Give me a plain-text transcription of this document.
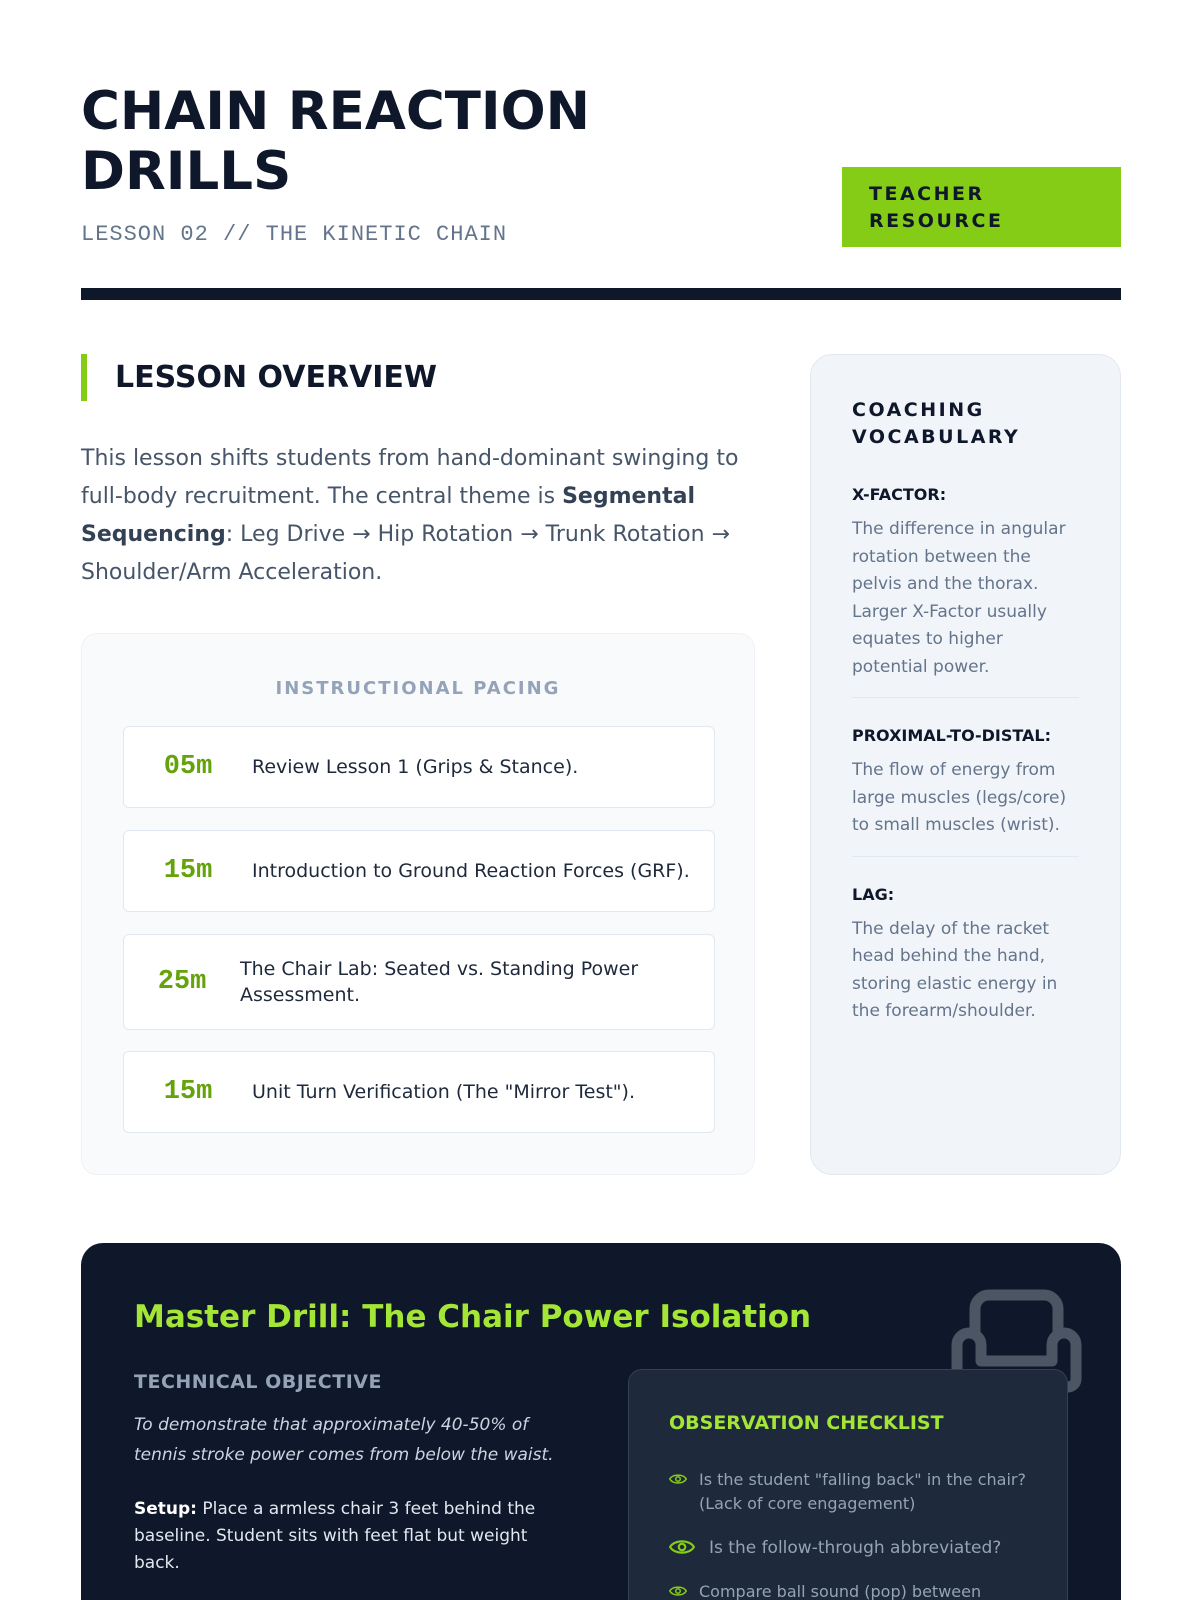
CHAIN REACTION DRILLS
LESSON 02 // THE KINETIC CHAIN
TEACHER RESOURCE
LESSON OVERVIEW

This lesson shifts students from hand-dominant swinging to full-body recruitment. The central theme is Segmental Sequencing: Leg Drive → Hip Rotation → Trunk Rotation → Shoulder/Arm Acceleration.

INSTRUCTIONAL PACING
05m	Review Lesson 1 (Grips & Stance).
15m	Introduction to Ground Reaction Forces (GRF).
25m	The Chair Lab: Seated vs. Standing Power Assessment.
15m	Unit Turn Verification (The "Mirror Test").
COACHING VOCABULARY
X-FACTOR:
The difference in angular rotation between the pelvis and the thorax. Larger X-Factor usually equates to higher potential power.
PROXIMAL-TO-DISTAL:
The flow of energy from large muscles (legs/core) to small muscles (wrist).
LAG:
The delay of the racket head behind the hand, storing elastic energy in the forearm/shoulder.
Master Drill: The Chair Power Isolation
TECHNICAL OBJECTIVE

To demonstrate that approximately 40-50% of tennis stroke power comes from below the waist.

Setup: Place a armless chair 3 feet behind the baseline. Student sits with feet flat but weight back.

OBSERVATION CHECKLIST
Is the student "falling back" in the chair? (Lack of core engagement)
Is the follow-through abbreviated?
Compare ball sound (pop) between
